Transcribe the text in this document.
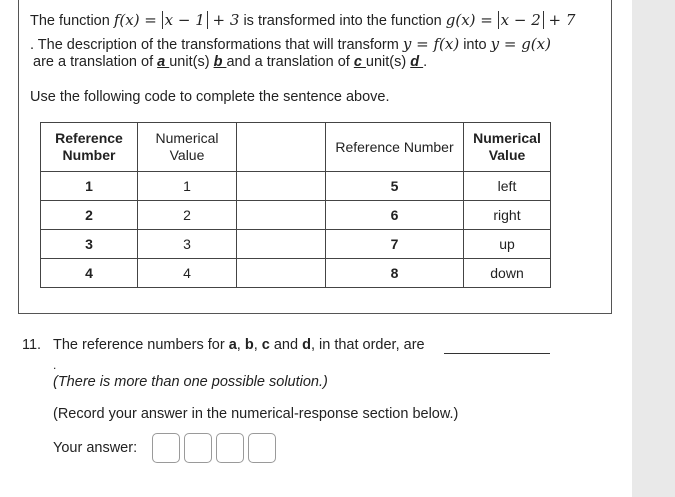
The function f(x) = x − 1 + 3 is transformed into the function g(x) = x − 2 + 7
. The description of the transformations that will transform y = f(x) into y = g(x)
are a translation of a unit(s) b and a translation of c unit(s) d .
Use the following code to complete the sentence above.
Reference Number	Numerical Value		Reference Number	Numerical Value
1	1		5	left
2	2		6	right
3	3		7	up
4	4		8	down
11. The reference numbers for a, b, c and d, in that order, are
.
(There is more than one possible solution.)
(Record your answer in the numerical-response section below.)
Your answer:
